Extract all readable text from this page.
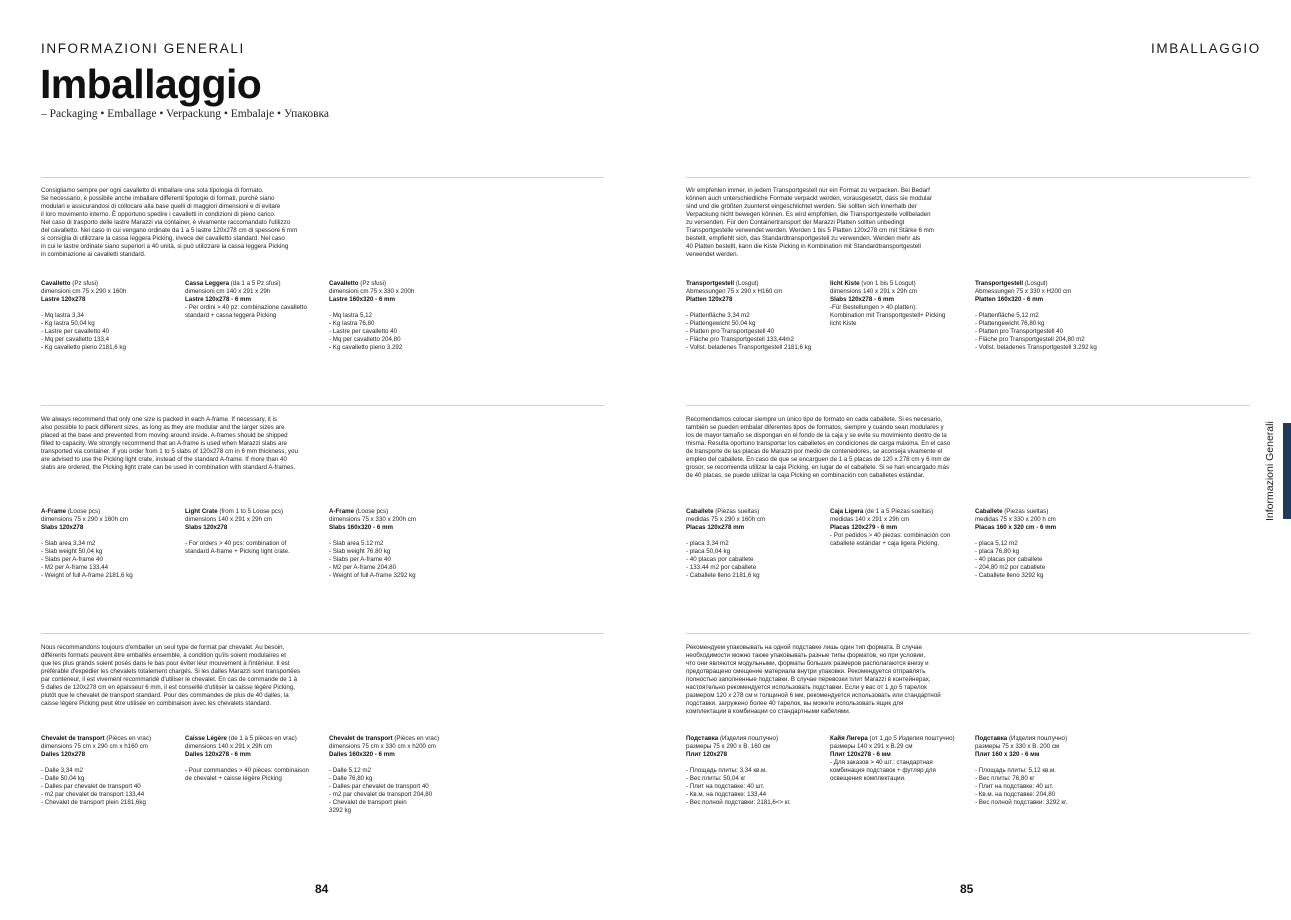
INFORMAZIONI GENERALI	IMBALLAGGIO
Imballaggio
– Packaging • Emballage • Verpackung • Embalaje • Упаковка
Consigliamo sempre per ogni cavalletto di imballare una sola tipologia di formato.
Se necessario, è possibile anche imballare differenti tipologie di formati, purché siano
modulari e assicurandosi di collocare alla base quelli di maggiori dimensioni e di evitare
il loro movimento interno. È opportuno spedire i cavalletti in condizioni di pieno carico.
Nel caso di trasporto delle lastre Marazzi via container, è vivamente raccomandato l'utilizzo
del cavalletto. Nel caso in cui vengano ordinate da 1 a 5 lastre 120x278 cm di spessore 6 mm
si consiglia di utilizzare la cassa leggera Picking, invece del cavalletto standard. Nel caso
in cui le lastre ordinate siano superiori a 40 unità, si può utilizzare la cassa leggera Picking
in combinazione ai cavalletti standard.
Cavalletto (Pz sfusi)
dimensioni cm 75 x 290 x 160h
Lastre 120x278

- Mq lastra 3,34
- Kg lastra 50,04 kg
- Lastre per cavalletto 40
- Mq per cavalletto 133,4
- Kg cavalletto pieno 2181,6 kg
Cassa Leggera (da 1 a 5 Pz sfusi)
dimensioni cm 140 x 291 x 29h
Lastre 120x278 - 6 mm
- Per ordini > 40 pz: combinazione cavalletto
standard + cassa leggera Picking
Cavalletto (Pz sfusi)
dimensioni cm 75 x 330 x 200h
Lastre 160x320 - 6 mm

- Mq lastra 5,12
- Kg lastra 76,80
- Lastre per cavalletto 40
- Mq per cavalletto 204,80
- Kg cavalletto pieno 3.292
Wir empfehlen immer, in jedem Transportgestell nur ein Format zu verpacken. Bei Bedarf
können auch unterschiedliche Formate verpackt werden, vorausgesetzt, dass sie modular
sind und die größten zuunterst eingeschlichtet werden. Sie sollten sich innerhalb der
Verpackung nicht bewegen können. Es wird empfohlen, die Transportgestelle vollbeladen
zu versenden. Für den Containertransport der Marazzi Platten sollten unbedingt
Transportgestelle verwendet werden. Werden 1 bis 5 Platten 120x278 cm mit Stärke 6 mm
bestellt, empfiehlt sich, das Standardtransportgestell zu verwenden. Werden mehr als
40 Platten bestellt, kann die Kiste Picking in Kombination mit Standardtransportgestell
verwendet werden.
Transportgestell (Losgut)
Abmessungen 75 x 290 x H160 cm
Platten 120x278

- Plattenfläche 3,34 m2
- Plattengewicht 50,04 kg
- Platten pro Transportgestell 40
- Fläche pro Transportgestell 133,44m2
- Vollst. beladenes Transportgestell 2181,6 kg
licht Kiste (von 1 bis 5 Losgut)
dimensions 140 x 291 x 29h cm
Slabs 120x278 - 6 mm
-Für Bestellungen > 40 platten):
Kombination mit Transportgestell+ Picking
licht Kiste
Transportgestell (Losgut)
Abmessungen 75 x 330 x H200 cm
Platten 160x320 - 6 mm

- Plattenfläche 5,12 m2
- Plattengewicht 76,80 kg
- Platten pro Transportgestell 40
- Fläche pro Transportgestell 204,80 m2
- Vollst. beladenes Transportgestell 3.292 kg
We always recommend that only one size is packed in each A-frame. If necessary, it is
also possible to pack different sizes, as long as they are modular and the larger sizes are
placed at the base and prevented from moving around inside. A-frames should be shipped
filled to capacity. We strongly recommend that an A-frame is used when Marazzi slabs are
transported via container. If you order from 1 to 5 slabs of 120x278 cm in 6 mm thickness, you
are advised to use the Picking light crate, instead of the standard A-frame. If more than 40
slabs are ordered, the Picking light crate can be used in combination with standard A-frames.
A-Frame (Loose pcs)
dimensions 75 x 290 x 160h cm
Slabs 120x278

- Slab area 3,34 m2
- Slab weight 50,04 kg
- Slabs per A-frame 40
- M2 per A-frame 133,44
- Weight of full A-frame 2181,6 kg
Light Crate (from 1 to 5 Loose pcs)
dimensions 140 x 291 x 29h cm
Slabs 120x278

- For orders > 40 pcs: combination of
standard A-frame + Picking light crate.
A-Frame (Loose pcs)
dimensions 75 x 330 x 200h cm
Slabs 160x320 - 6 mm

- Slab area 5.12 m2
- Slab weight 76.80 kg
- Slabs per A-frame 40
- M2 per A-frame 204.80
- Weight of full A-frame 3292 kg
Recomendamos colocar siempre un único tipo de formato en cada caballete. Si es necesario,
también se pueden embalar diferentes tipos de formatos, siempre y cuando sean modulares y
los de mayor tamaño se dispongan en el fondo de la caja y se evite su movimiento dentro de la
misma. Resulta oportuno transportar los caballetes en condiciones de carga máxima. En el caso
de transporte de las placas de Marazzi por medio de contenedores, se aconseja vivamente el
empleo del caballete. En caso de que se encarguen de 1 a 5 placas de 120 x 278 cm y 6 mm de
grosor, se recomienda utilizar la caja Picking, en lugar de el caballete. Si se han encargado más
de 40 placas, se puede utilizar la caja Picking en combinación con caballetes estándar.
Caballete (Piezas sueltas)
medidas 75 x 290 x 160h cm
Placas 120x278 mm

- placa 3,34 m2
- placa 50,04 kg
- 40 placas por caballete
- 133,44 m2 por caballete
- Caballete lleno 2181,6 kg
Caja Ligera (de 1 a 5 Piezas sueltas)
medidas 140 x 291 x 29h cm
Placas 120x279 - 6 mm
- Por pedidos > 40 piezas: combinación con
caballete estándar + caja ligera Picking.
Caballete (Piezas sueltas)
medidas 75 x 330 x 200 h cm
Placas 160 x 320 cm - 6 mm

- placa 5,12 m2
- placa 76,80 kg
- 40 placas por caballete
- 204,80 m2 por caballete
- Caballete lleno 3292 kg
Nous recommandons toujours d'emballer un seul type de format par chevalet. Au besoin,
différents formats peuvent être emballés ensemble, à condition qu'ils soient modulaires et
que les plus grands soient posés dans le bas pour éviter leur mouvement à l'intérieur. Il est
préférable d'expédier les chevalets totalement chargés. Si les dalles Marazzi sont transportées
par conteneur, il est vivement recommandé d'utiliser le chevalet. En cas de commande de 1 à
5 dalles de 120x278 cm en épaisseur 6 mm, il est conseillé d'utiliser la caisse légère Picking,
plutôt que le chevalet de transport standard. Pour des commandes de plus de 40 dalles, la
caisse légère Picking peut être utilisée en combinaison avec les chevalets standard.
Chevalet de transport (Pièces en vrac)
dimensions 75 cm x 290 cm x h160 cm
Dalles 120x278

- Dalle 3,34 m2
- Dalle 50,04 kg
- Dalles par chevalet de transport 40
- m2 par chevalet de transport 133,44
- Chevalet de transport plein 2181,6kg
Caisse Légère (de 1 à 5 pièces en vrac)
dimensions 140 x 291 x 29h cm
Dalles 120x278 - 6 mm

- Pour commandes > 40 pièces: combinaison
de chevalet + caisse légère Picking
Chevalet de transport (Pièces en vrac)
dimensions 75 cm x 330 cm x h200 cm
Dalles 160x320 - 6 mm

- Dalle 5,12 m2
- Dalle 76,80 kg
- Dalles par chevalet de transport 40
- m2 par chevalet de transport 204,80
- Chevalet de transport plein
3292 kg
Рекомендуем упаковывать на одной подставке лишь один тип формата. В случае
необходимости можно также упаковывать разные типы форматов, но при условии,
что они являются модульными, форматы больших размеров располагаются внизу и
предотвращено смещение материала внутри упаковки. Рекомендуется отправлять
полностью заполненные подставки. В случае перевозки плит Marazzi в контейнерах,
настоятельно рекомендуется использовать подставки. Если у вас от 1 до 5 тарелок
размером 120 x 278 см и толщиной 6 мм, рекомендуется использовать или стандартной
подставки. загружено более 40 тарелок, вы можете использовать ящик для
комплектации в комбинации со стандартными кабелями.
Подставка (Изделия поштучно)
размеры 75 x 290 x В. 160 см
Плит 120x278

- Площадь плиты: 3,34 кв.м.
- Вес плиты: 50,04 кг
- Плит на подставке: 40 шт.
- Кв.м. на подставке: 133,44
- Вес полной подставки: 2181,6<> кг.
Кайя Лигера (от 1 до 5 Изделия поштучно)
размеры 140 x 291 x В.29 см
Плит 120x278 - 6 мм
- Для заказов > 40 шт.: стандартная
комбинация подставок + футляр для
освещения комплектации.
Подставка (Изделия поштучно)
размеры 75 x 330 x В. 200 см
Плит 160 x 320 - 6 мм

- Площадь плиты: 5,12 кв.м.
- Вес плиты: 76,80 кг
- Плит на подставке: 40 шт.
- Кв.м. на подставке: 204,80
- Вес полной подставки: 3292 кг.
Informazioni Generali
84	85
